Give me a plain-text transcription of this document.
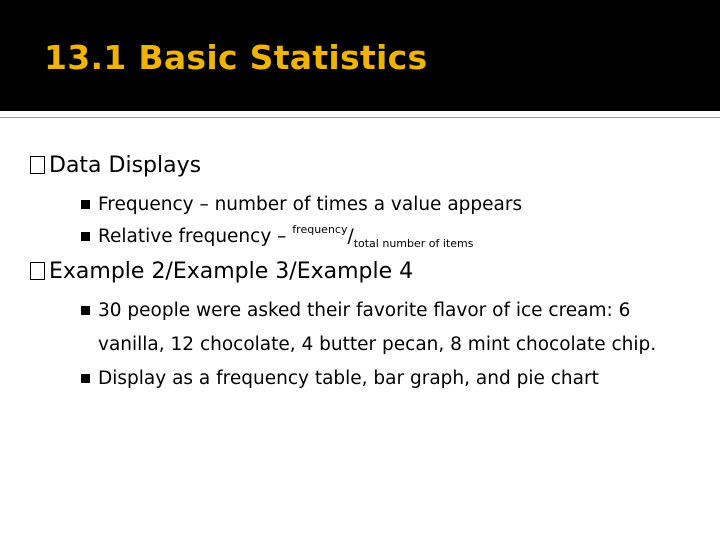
13.1 Basic Statistics
Data Displays
Frequency – number of times a value appears
Relative frequency – $^{frequency}/_{total number of items}$
Example 2/Example 3/Example 4
30 people were asked their favorite flavor of ice cream: 6 vanilla, 12 chocolate, 4 butter pecan, 8 mint chocolate chip.
Display as a frequency table, bar graph, and pie chart
